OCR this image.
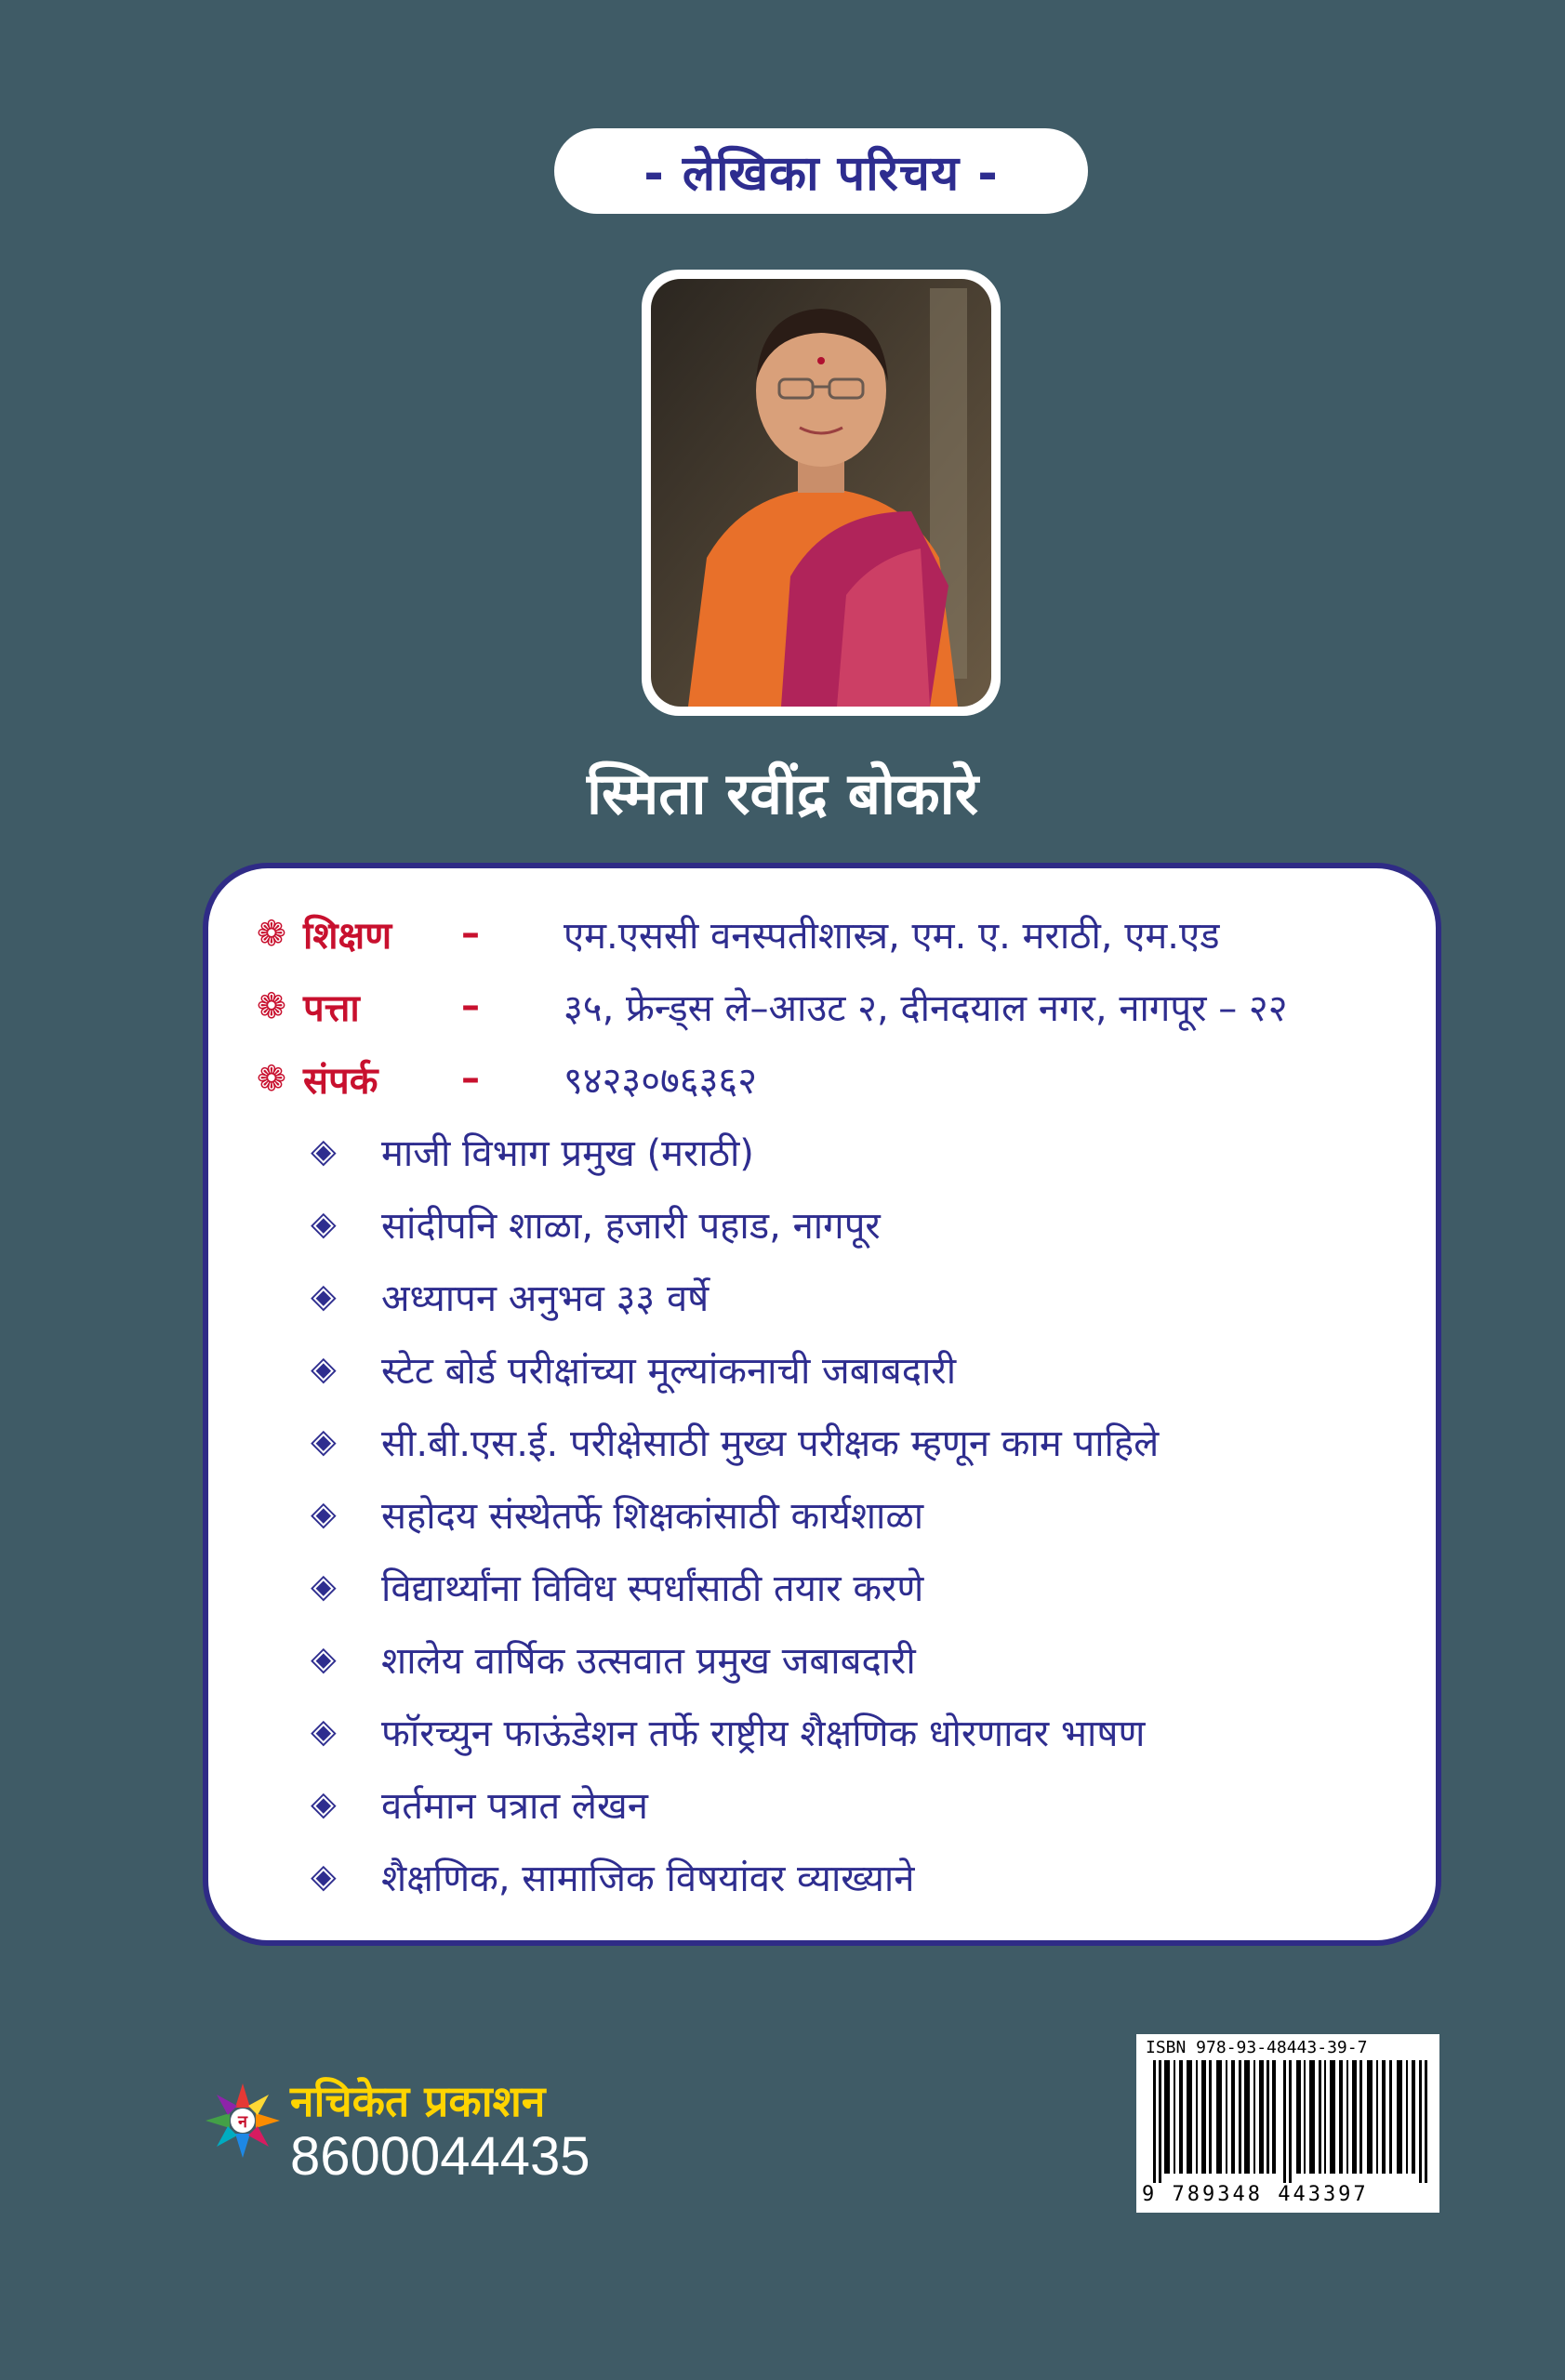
- लेखिका परिचय -
स्मिता रवींद्र बोकारे
❁ शिक्षण	–	एम.एससी वनस्पतीशास्त्र, एम. ए. मराठी, एम.एड
❁ पत्ता	–	३५, फ्रेन्ड्स ले–आउट २, दीनदयाल नगर, नागपूर – २२
❁ संपर्क	–	९४२३०७६३६२
◈	माजी विभाग प्रमुख (मराठी)
◈	सांदीपनि शाळा, हजारी पहाड, नागपूर
◈	अध्यापन अनुभव ३३ वर्षे
◈	स्टेट बोर्ड परीक्षांच्या मूल्यांकनाची जबाबदारी
◈	सी.बी.एस.ई. परीक्षेसाठी मुख्य परीक्षक म्हणून काम पाहिले
◈	सहोदय संस्थेतर्फे शिक्षकांसाठी कार्यशाळा
◈	विद्यार्थ्यांना विविध स्पर्धांसाठी तयार करणे
◈	शालेय वार्षिक उत्सवात प्रमुख जबाबदारी
◈	फॉरच्युन फाऊंडेशन तर्फे राष्ट्रीय शैक्षणिक धोरणावर भाषण
◈	वर्तमान पत्रात लेखन
◈	शैक्षणिक, सामाजिक विषयांवर व्याख्याने
ISBN 978-93-48443-39-7
9 789348 443397
न नचिकेत प्रकाशन
8600044435
